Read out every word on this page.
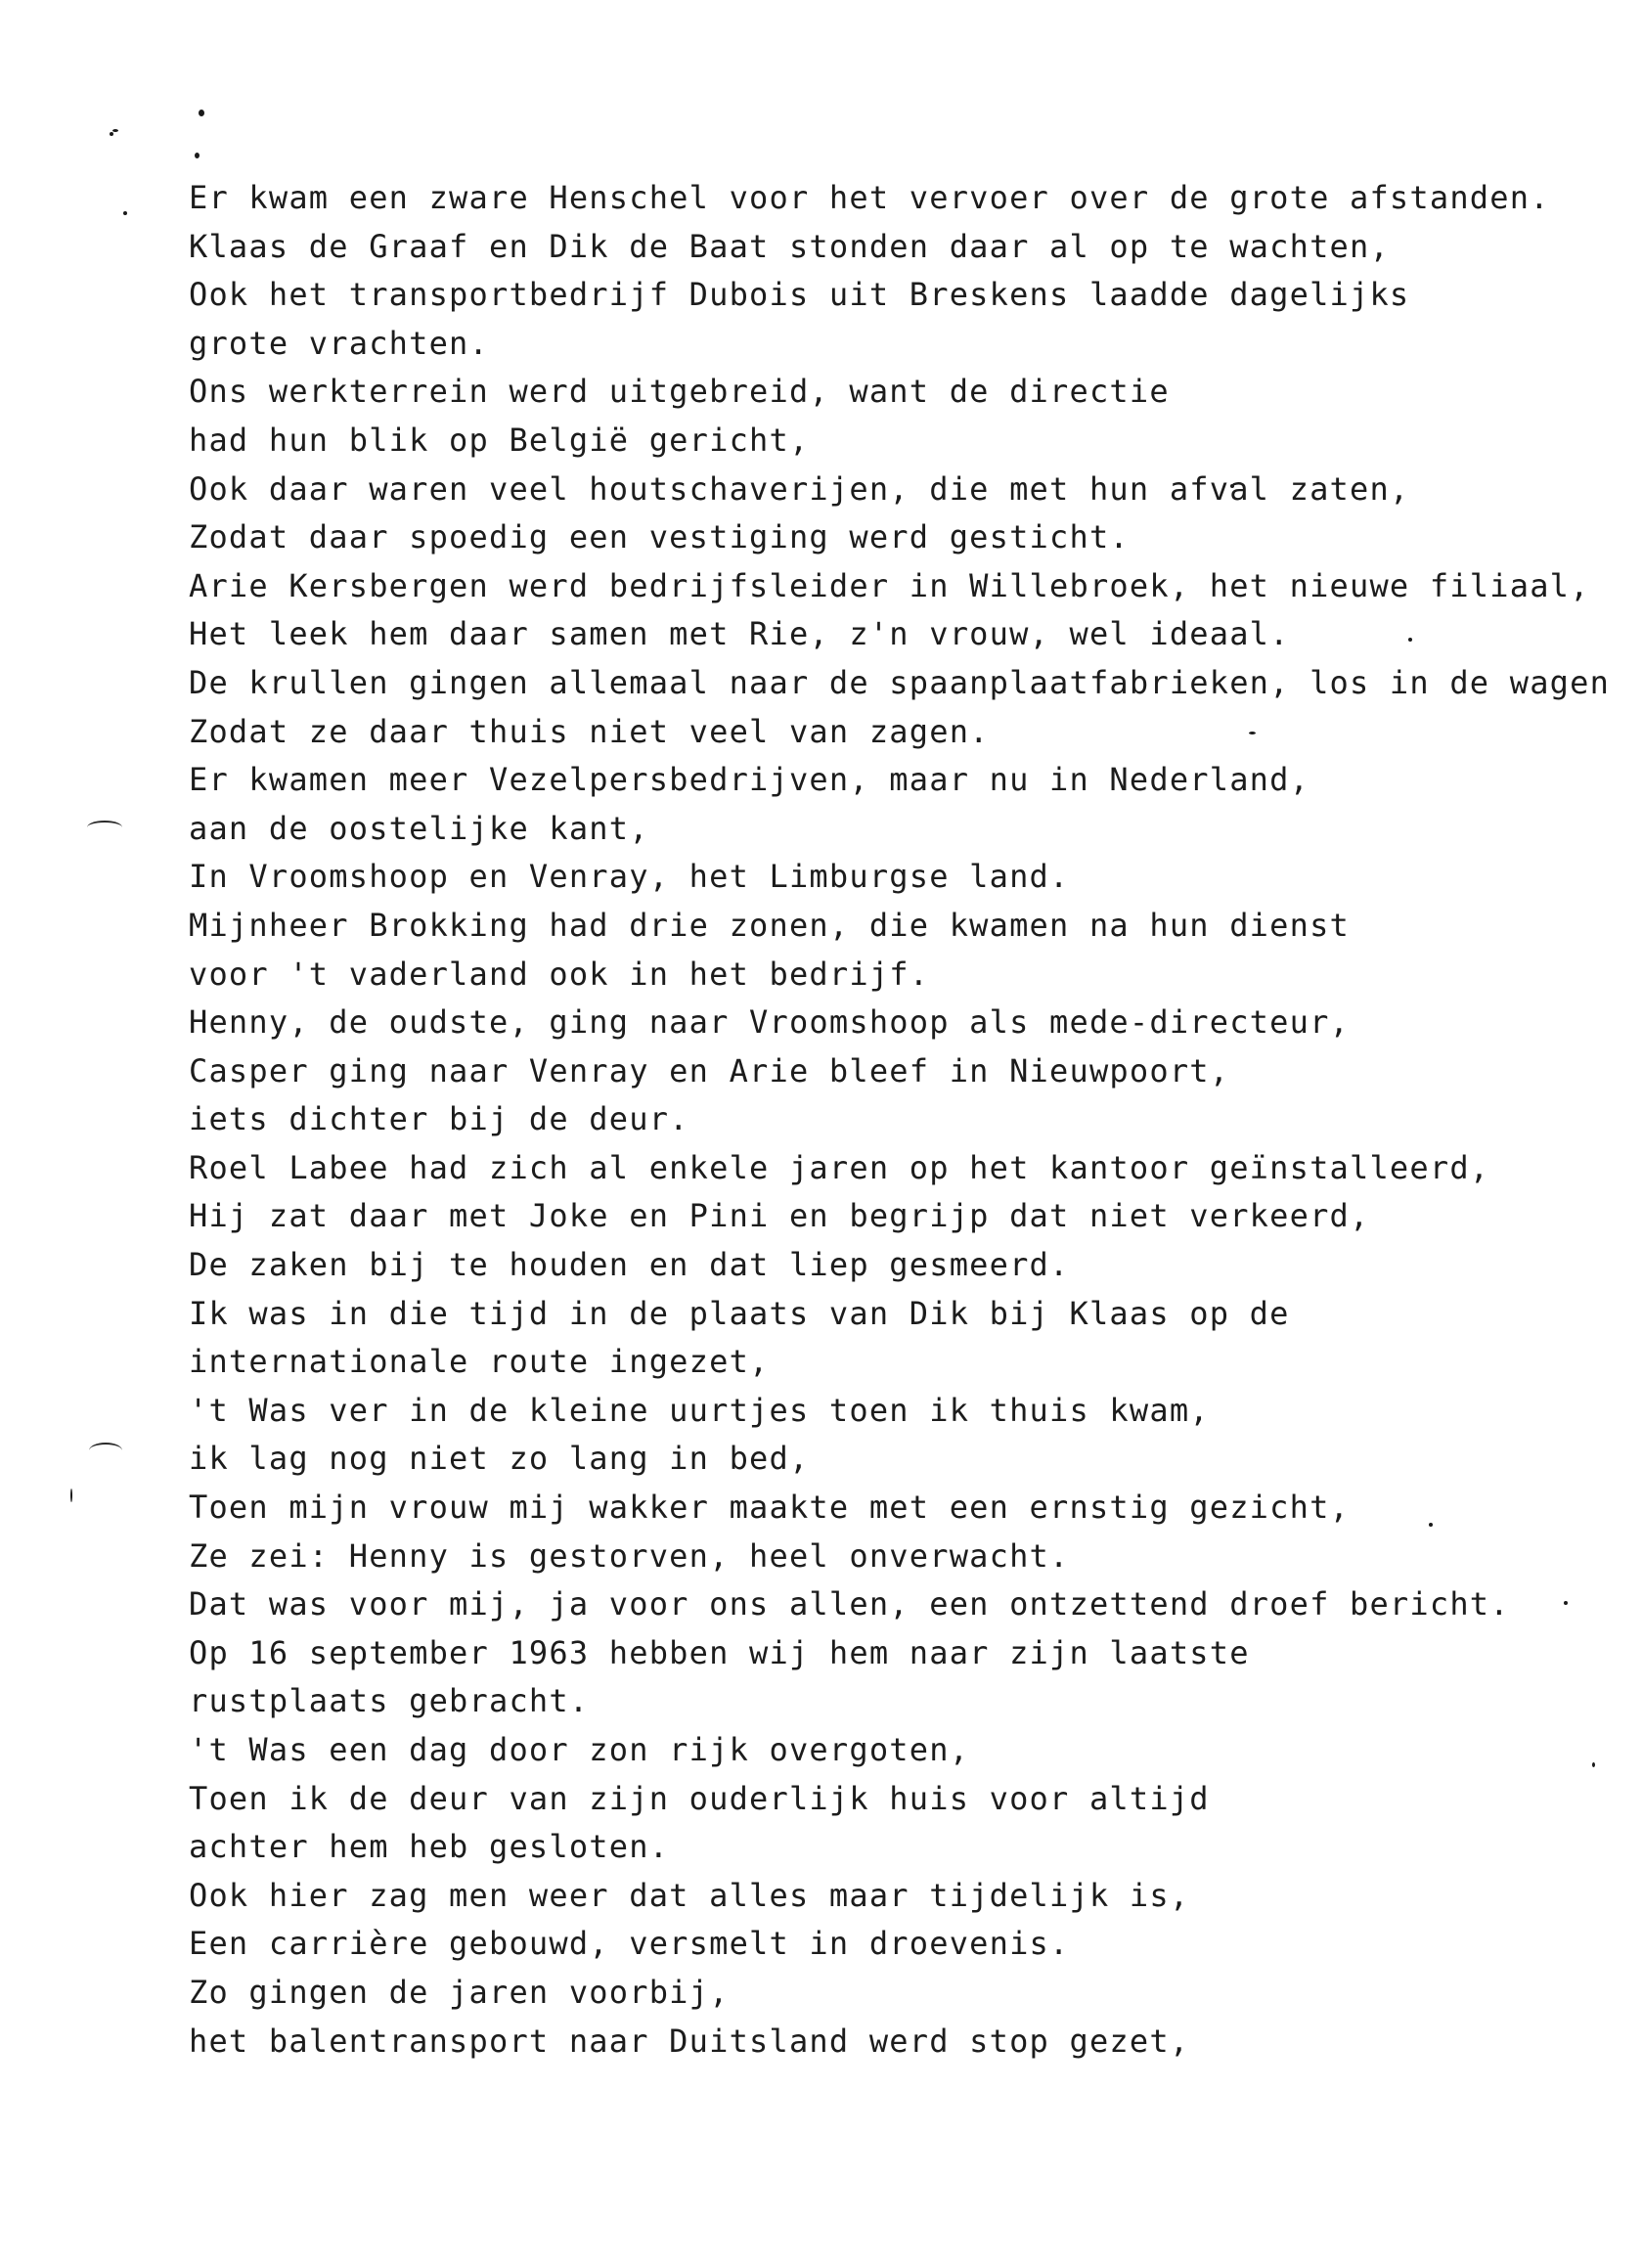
Er kwam een zware Henschel voor het vervoer over de grote afstanden.
Klaas de Graaf en Dik de Baat stonden daar al op te wachten,
Ook het transportbedrijf Dubois uit Breskens laadde dagelijks
grote vrachten.
Ons werkterrein werd uitgebreid, want de directie
had hun blik op België gericht,
Ook daar waren veel houtschaverijen, die met hun afval zaten,
Zodat daar spoedig een vestiging werd gesticht.
Arie Kersbergen werd bedrijfsleider in Willebroek, het nieuwe filiaal,
Het leek hem daar samen met Rie, z'n vrouw, wel ideaal.
De krullen gingen allemaal naar de spaanplaatfabrieken, los in de wagen
Zodat ze daar thuis niet veel van zagen.
Er kwamen meer Vezelpersbedrijven, maar nu in Nederland,
aan de oostelijke kant,
In Vroomshoop en Venray, het Limburgse land.
Mijnheer Brokking had drie zonen, die kwamen na hun dienst
voor 't vaderland ook in het bedrijf.
Henny, de oudste, ging naar Vroomshoop als mede-directeur,
Casper ging naar Venray en Arie bleef in Nieuwpoort,
iets dichter bij de deur.
Roel Labee had zich al enkele jaren op het kantoor geïnstalleerd,
Hij zat daar met Joke en Pini en begrijp dat niet verkeerd,
De zaken bij te houden en dat liep gesmeerd.
Ik was in die tijd in de plaats van Dik bij Klaas op de
internationale route ingezet,
't Was ver in de kleine uurtjes toen ik thuis kwam,
ik lag nog niet zo lang in bed,
Toen mijn vrouw mij wakker maakte met een ernstig gezicht,
Ze zei: Henny is gestorven, heel onverwacht.
Dat was voor mij, ja voor ons allen, een ontzettend droef bericht.
Op 16 september 1963 hebben wij hem naar zijn laatste
rustplaats gebracht.
't Was een dag door zon rijk overgoten,
Toen ik de deur van zijn ouderlijk huis voor altijd
achter hem heb gesloten.
Ook hier zag men weer dat alles maar tijdelijk is,
Een carrière gebouwd, versmelt in droevenis.
Zo gingen de jaren voorbij,
het balentransport naar Duitsland werd stop gezet,
